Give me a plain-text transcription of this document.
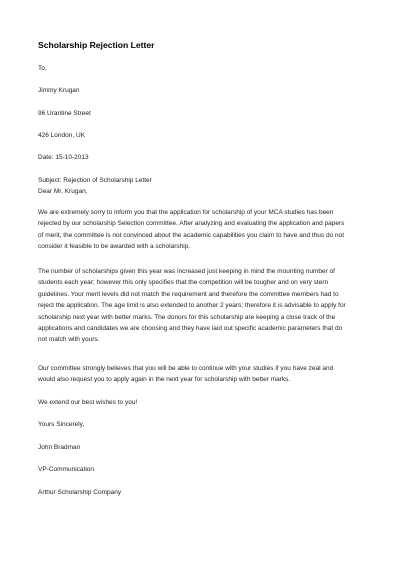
Scholarship Rejection Letter
To,
Jimmy Krugan
96 Urantine Street
426 London, UK
Date: 15-10-2013
Subject: Rejection of Scholarship Letter
Dear Mr. Krugan,
We are extremely sorry to inform you that the application for scholarship of your MCA studies has been
rejected by our scholarship Selection committee. After analyzing and evaluating the application and papers
of merit, the committee is not convinced about the academic capabilities you claim to have and thus do not
consider it feasible to be awarded with a scholarship.
The number of scholarships given this year was increased just keeping in mind the mounting number of
students each year; however this only specifies that the competition will be tougher and on very stern
guidelines. Your merit levels did not match the requirement and therefore the committee members had to
reject the application. The age limit is also extended to another 2 years; therefore it is advisable to apply for
scholarship next year with better marks. The donors for this scholarship are keeping a close track of the
applications and candidates we are choosing and they have laid out specific academic parameters that do
not match with yours.
Our committee strongly believes that you will be able to continue with your studies if you have zeal and
would also request you to apply again in the next year for scholarship with better marks.
We extend our best wishes to you!
Yours Sincerely,
John Bradman
VP-Communication
Arthur Scholarship Company
